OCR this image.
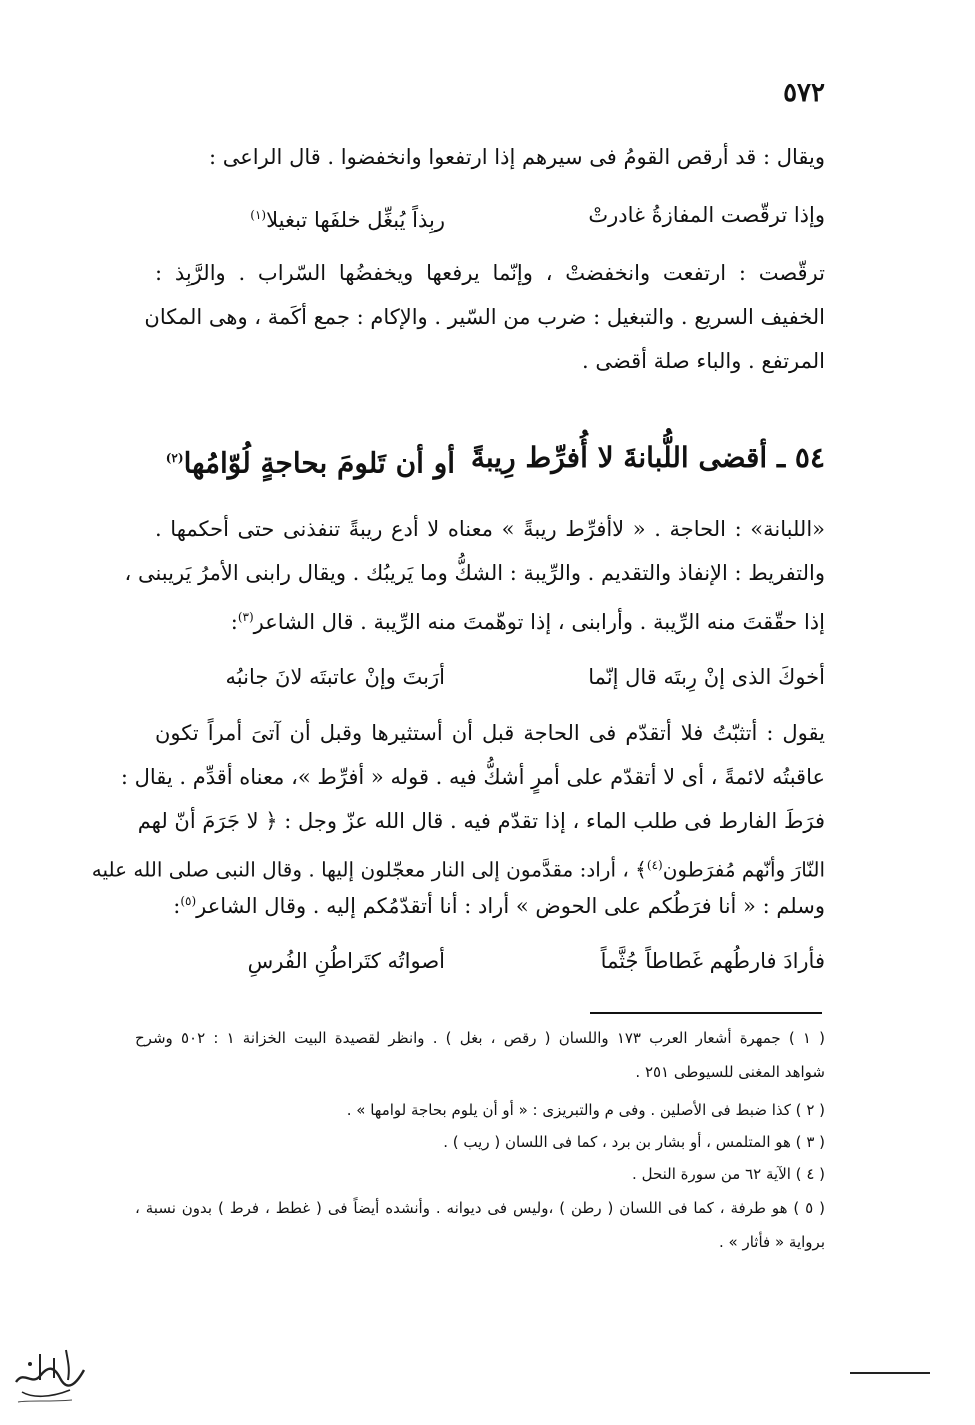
٥٧٢
ويقال : قد أرقص القومُ فى سيرهم إذا ارتفعوا وانخفضوا . قال الراعى :
وإذا ترقّصت المفازةُ غادرتْ
ربِذاً يُبغِّل خلفَها تبغيلا$^{(١)}$
ترقّصت : ارتفعت وانخفضتْ ، وإنّما يرفعها ويخفضُها السّراب . والرَّبِذ :
الخفيف السريع . والتبغيل : ضرب من السّير . والإكام : جمع أكَمة ، وهى المكان
المرتفع . والباء صلة أقضى .
٥٤ ـ أقضى اللُّبانةَ لا أُفرِّط رِيبةً
أو أن تَلومَ بحاجةٍ لُوّامُها$^{(٢)}$
«اللبانة» : الحاجة . « لاأفرِّط ريبةً » معناه لا أدع ريبةً تنفذنى حتى أحكمها .
والتفريط : الإنفاذ والتقديم . والرِّيبة : الشكُّ وما يَريبُك . ويقال رابنى الأمرُ يَريبنى ،
إذا حقّقتَ منه الرِّيبة . وأرابنى ، إذا توهّمتَ منه الرِّيبة . قال الشاعر$^{(٣)}$:
أخوكَ الذى إنْ رِبتَه قال إنّما
أرَبتَ وإنْ عاتبتَه لانَ جانبُه
يقول : أتثبّتُ فلا أتقدّم فى الحاجة قبل أن أستثيرها وقبل أن آتىَ أمراً تكون
عاقبتُه لائمةً ، أى لا أتقدّم على أمرٍ أشكُّ فيه . قوله « أفرِّط »، معناه أقدِّم . يقال :
فرَطَ الفارط فى طلب الماء ، إذا تقدّم فيه . قال الله عزّ وجل : ﴿ لا جَرَمَ أنّ لهم
النّارَ وأنّهم مُفرَطون$^{(٤)}$﴾ ، أراد: مقدَّمون إلى النار معجّلون إليها . وقال النبى صلى الله عليه
وسلم : « أنا فرَطُكم على الحوض » أراد : أنا أتقدّمُكم إليه . وقال الشاعر$^{(٥)}$:
فأرادَ فارطُهم غَطاطاً جُثَّماً
أصواتُه كتَراطُنِ الفُرسِ
( ١ ) جمهرة أشعار العرب ١٧٣ واللسان ( رقص ، بغل ) . وانظر لقصيدة البيت الخزانة ١ : ٥٠٢ وشرح
شواهد المغنى للسيوطى ٢٥١ .
( ٢ ) كذا ضبط فى الأصلين . وفى م والتبريزى : « أو أن يلوم بحاجة لوامها » .
( ٣ ) هو المتلمس ، أو بشار بن برد ، كما فى اللسان ( ريب ) .
( ٤ ) الآية ٦٢ من سورة النحل .
( ٥ ) هو طرفة ، كما فى اللسان ( رطن ) ،وليس فى ديوانه . وأنشده أيضاً فى ( غطط ، فرط ) بدون نسبة ،
برواية « فأثار » .
